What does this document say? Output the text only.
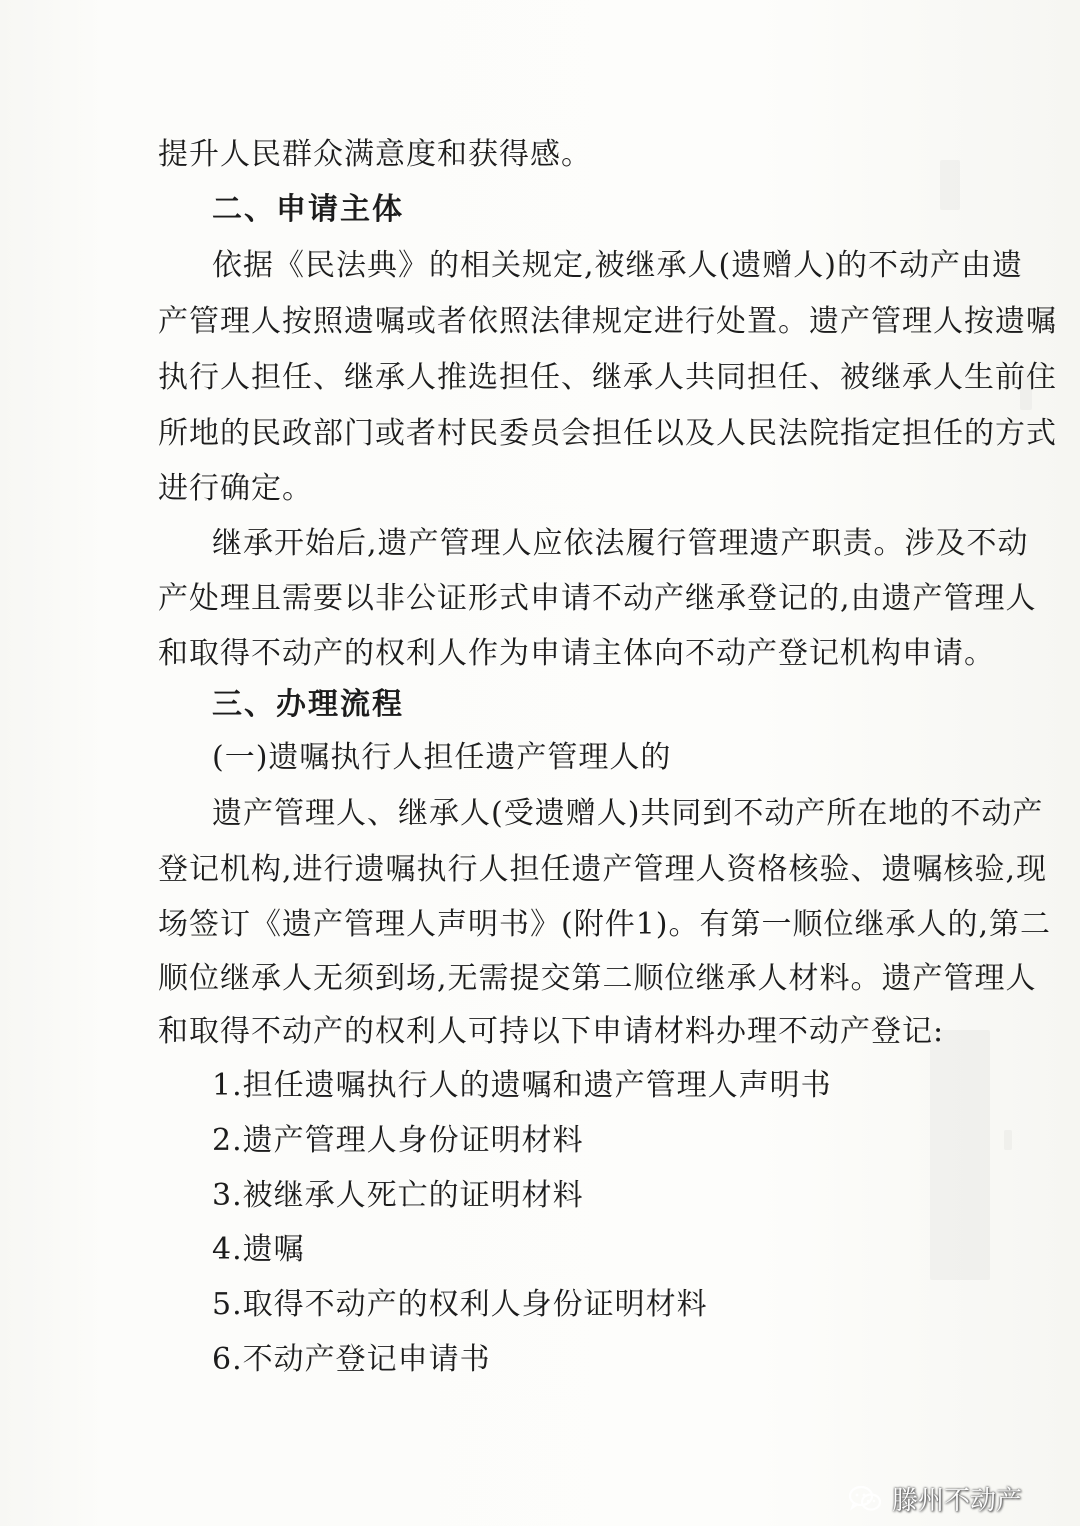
提升人民群众满意度和获得感。
二、申请主体
依据《民法典》的相关规定,被继承人(遗赠人)的不动产由遗
产管理人按照遗嘱或者依照法律规定进行处置。遗产管理人按遗嘱
执行人担任、继承人推选担任、继承人共同担任、被继承人生前住
所地的民政部门或者村民委员会担任以及人民法院指定担任的方式
进行确定。
继承开始后,遗产管理人应依法履行管理遗产职责。涉及不动
产处理且需要以非公证形式申请不动产继承登记的,由遗产管理人
和取得不动产的权利人作为申请主体向不动产登记机构申请。
三、办理流程
(一)遗嘱执行人担任遗产管理人的
遗产管理人、继承人(受遗赠人)共同到不动产所在地的不动产
登记机构,进行遗嘱执行人担任遗产管理人资格核验、遗嘱核验,现
场签订《遗产管理人声明书》(附件1)。有第一顺位继承人的,第二
顺位继承人无须到场,无需提交第二顺位继承人材料。遗产管理人
和取得不动产的权利人可持以下申请材料办理不动产登记:
1.担任遗嘱执行人的遗嘱和遗产管理人声明书
2.遗产管理人身份证明材料
3.被继承人死亡的证明材料
4.遗嘱
5.取得不动产的权利人身份证明材料
6.不动产登记申请书
滕州不动产
